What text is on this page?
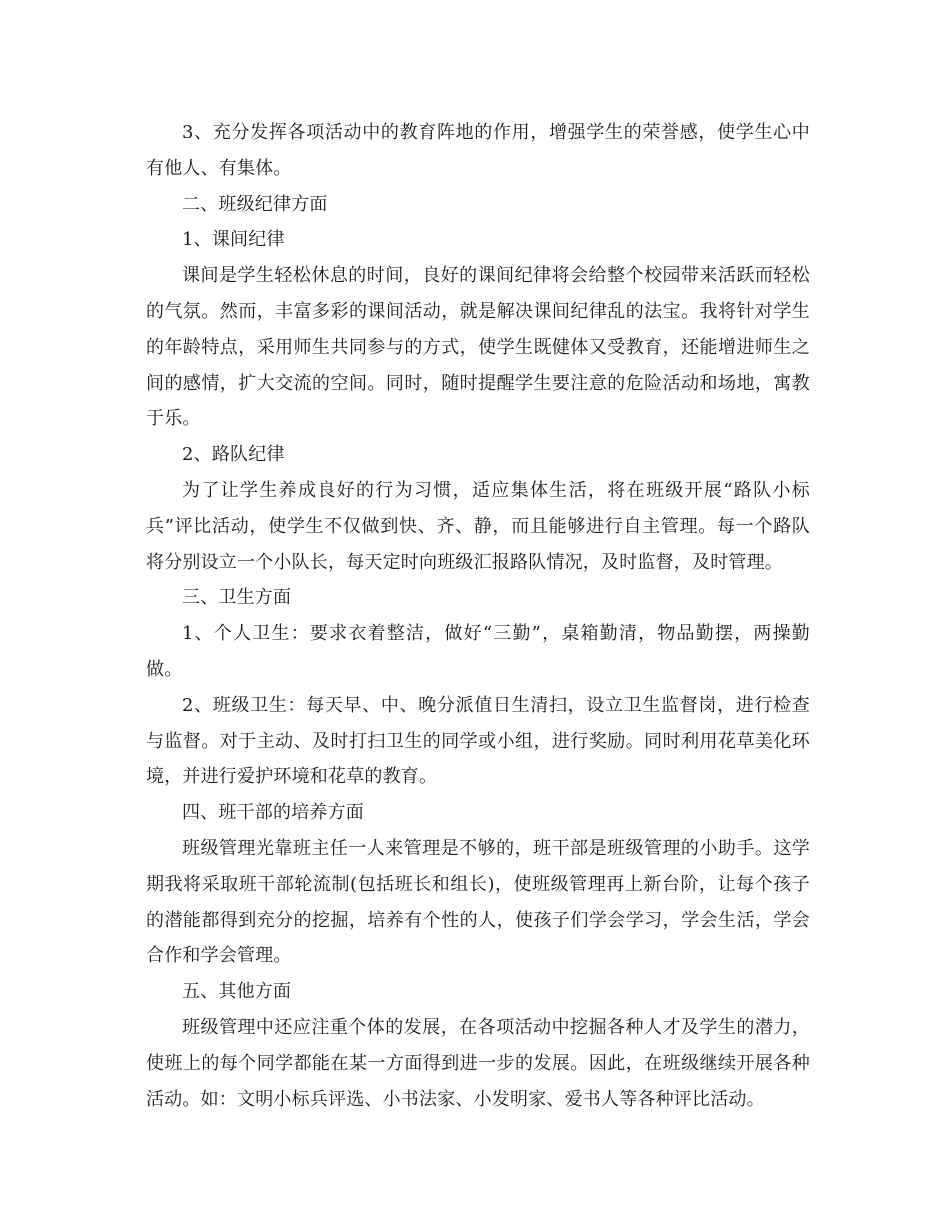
3、充分发挥各项活动中的教育阵地的作用，增强学生的荣誉感，使学生心中有他人、有集体。

二、班级纪律方面

1、课间纪律

课间是学生轻松休息的时间，良好的课间纪律将会给整个校园带来活跃而轻松的气氛。然而，丰富多彩的课间活动，就是解决课间纪律乱的法宝。我将针对学生的年龄特点，采用师生共同参与的方式，使学生既健体又受教育，还能增进师生之间的感情，扩大交流的空间。同时，随时提醒学生要注意的危险活动和场地，寓教于乐。

2、路队纪律

为了让学生养成良好的行为习惯，适应集体生活，将在班级开展“路队小标兵”评比活动，使学生不仅做到快、齐、静，而且能够进行自主管理。每一个路队将分别设立一个小队长，每天定时向班级汇报路队情况，及时监督，及时管理。

三、卫生方面

1、个人卫生：要求衣着整洁，做好“三勤”，桌箱勤清，物品勤摆，两操勤做。

2、班级卫生：每天早、中、晚分派值日生清扫，设立卫生监督岗，进行检查与监督。对于主动、及时打扫卫生的同学或小组，进行奖励。同时利用花草美化环境，并进行爱护环境和花草的教育。

四、班干部的培养方面

班级管理光靠班主任一人来管理是不够的，班干部是班级管理的小助手。这学期我将采取班干部轮流制(包括班长和组长)，使班级管理再上新台阶，让每个孩子的潜能都得到充分的挖掘，培养有个性的人，使孩子们学会学习，学会生活，学会合作和学会管理。

五、其他方面

班级管理中还应注重个体的发展，在各项活动中挖掘各种人才及学生的潜力，使班上的每个同学都能在某一方面得到进一步的发展。因此，在班级继续开展各种活动。如：文明小标兵评选、小书法家、小发明家、爱书人等各种评比活动。
